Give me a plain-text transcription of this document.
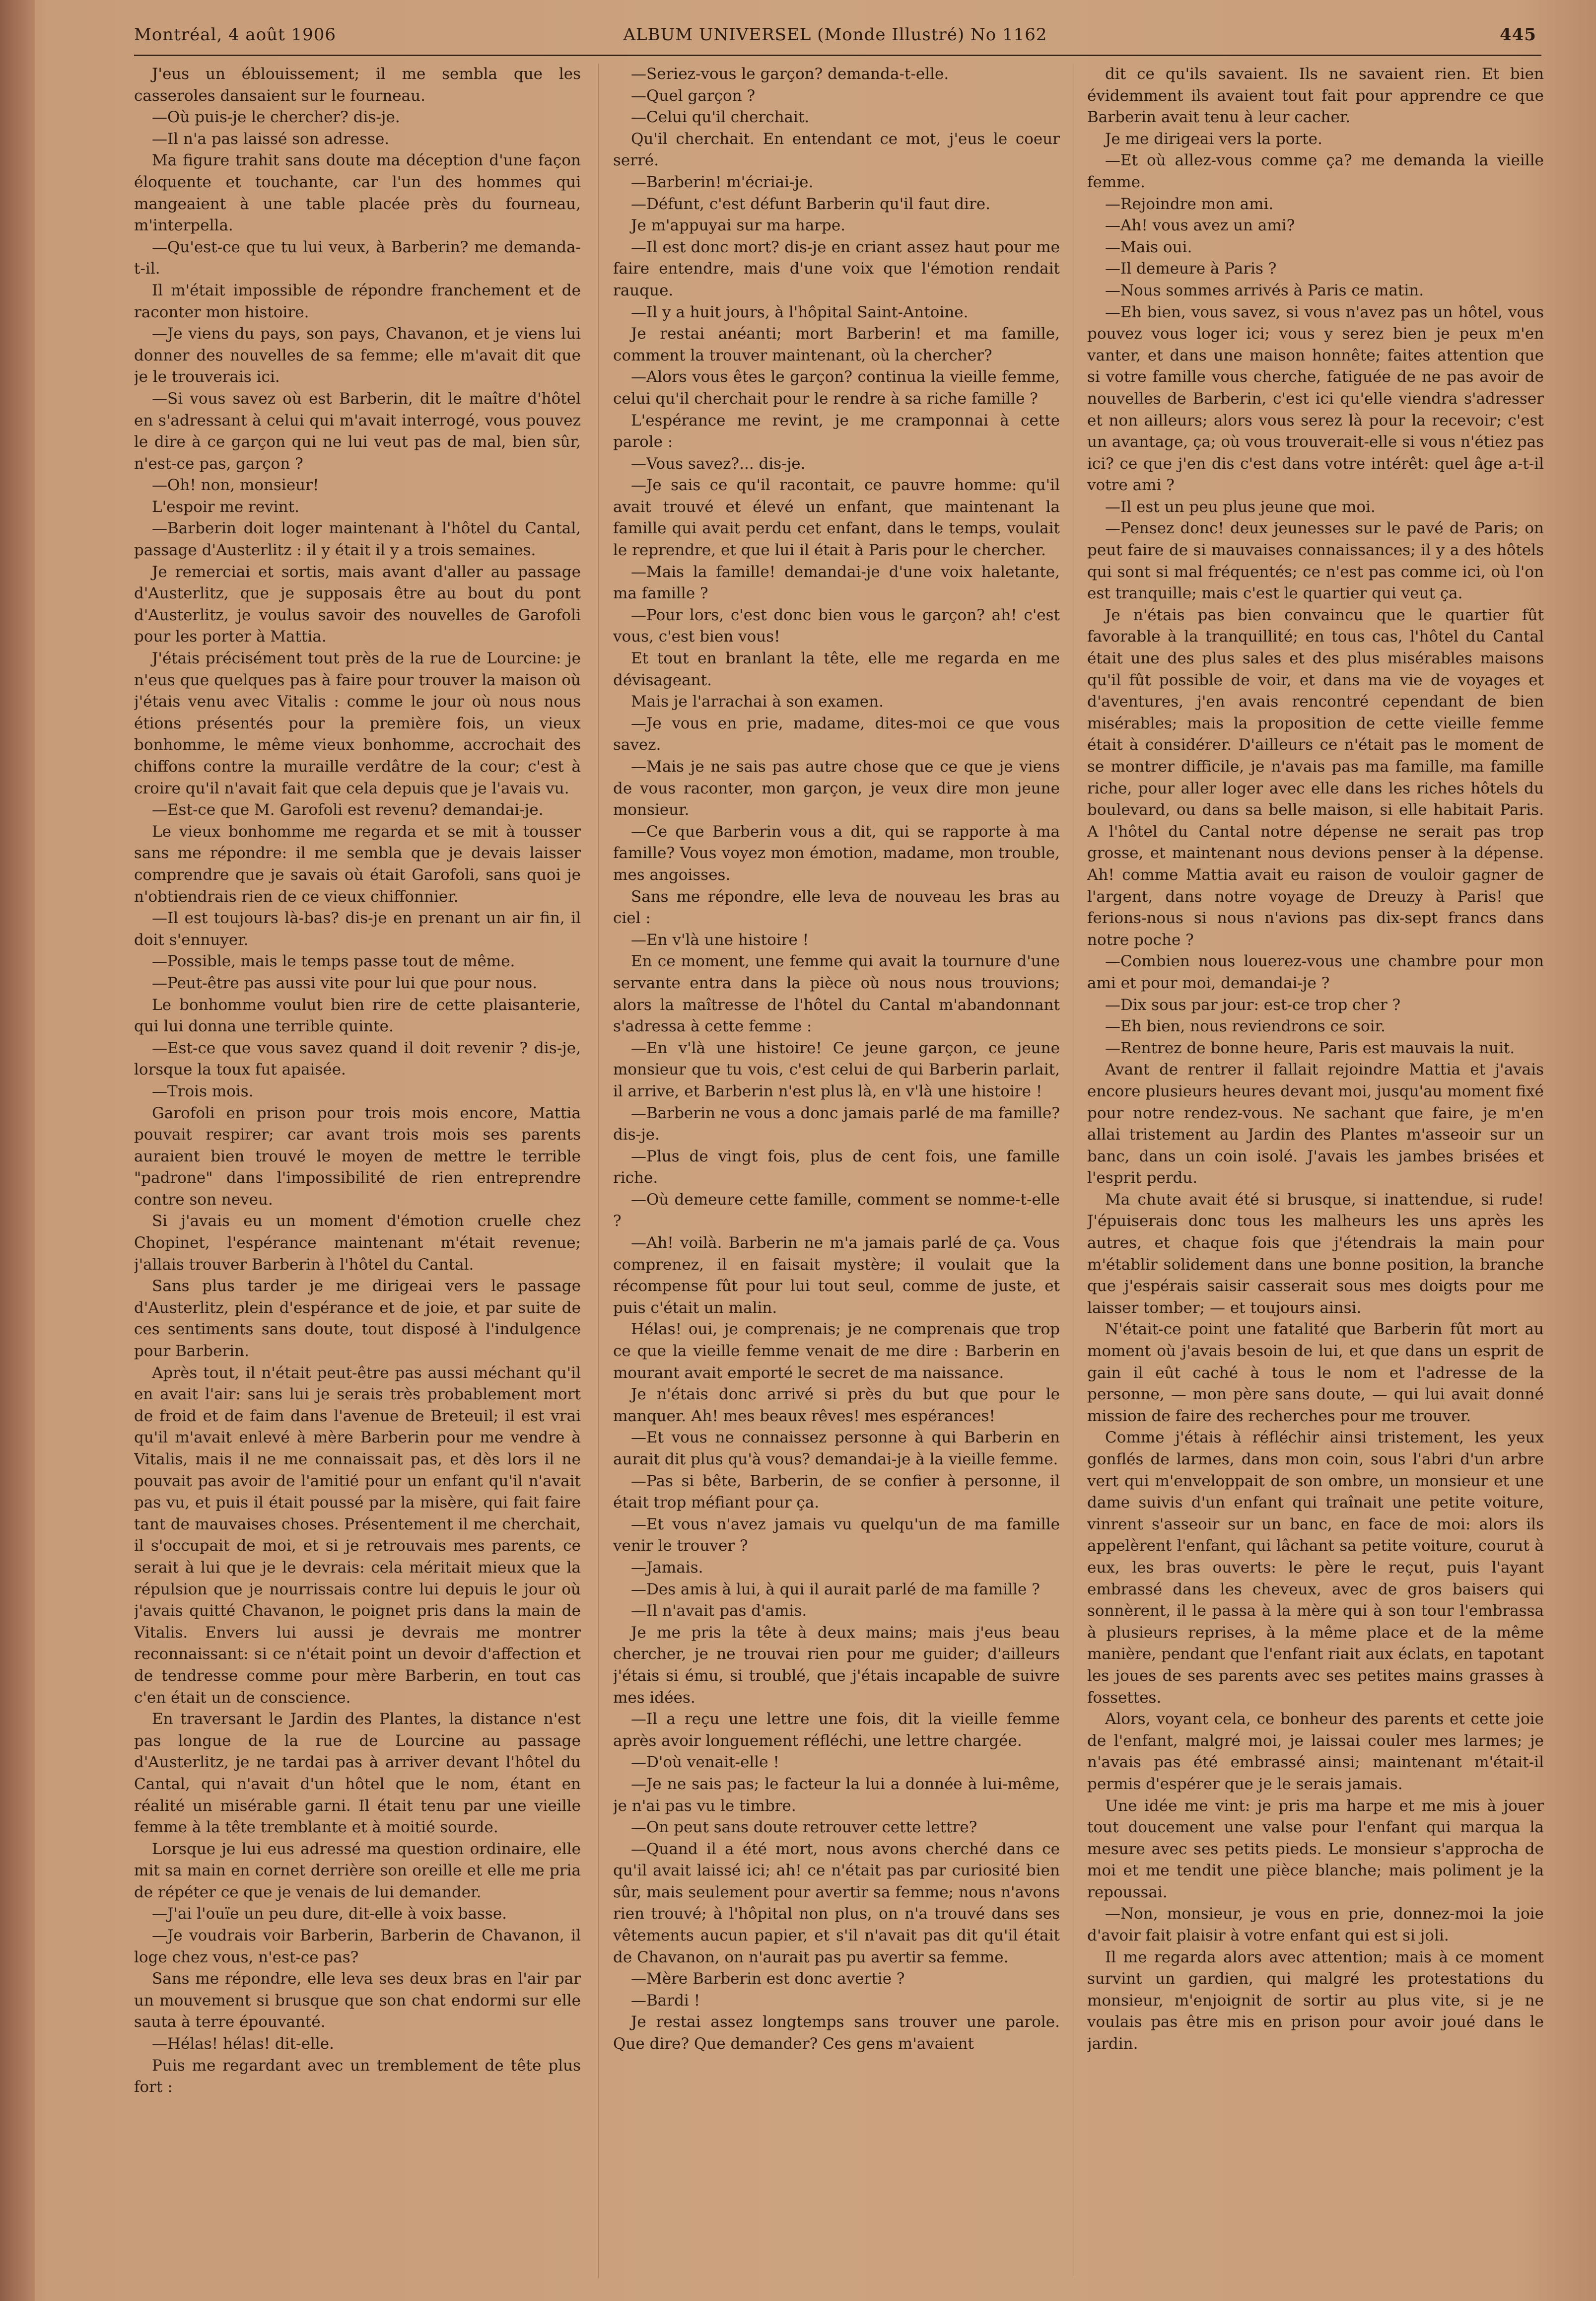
Montréal, 4 août 1906	ALBUM UNIVERSEL (Monde Illustré) No 1162	445

J'eus un éblouissement; il me sembla que les casseroles dansaient sur le fourneau.

—Où puis-je le chercher? dis-je.

—Il n'a pas laissé son adresse.

Ma figure trahit sans doute ma déception d'une façon éloquente et touchante, car l'un des hommes qui mangeaient à une table placée près du fourneau, m'interpella.

—Qu'est-ce que tu lui veux, à Barberin? me demanda-t-il.

Il m'était impossible de répondre franchement et de raconter mon histoire.

—Je viens du pays, son pays, Chavanon, et je viens lui donner des nouvelles de sa femme; elle m'avait dit que je le trouverais ici.

—Si vous savez où est Barberin, dit le maître d'hôtel en s'adressant à celui qui m'avait interrogé, vous pouvez le dire à ce garçon qui ne lui veut pas de mal, bien sûr, n'est-ce pas, garçon ?

—Oh! non, monsieur!

L'espoir me revint.

—Barberin doit loger maintenant à l'hôtel du Cantal, passage d'Austerlitz : il y était il y a trois semaines.

Je remerciai et sortis, mais avant d'aller au passage d'Austerlitz, que je supposais être au bout du pont d'Austerlitz, je voulus savoir des nouvelles de Garofoli pour les porter à Mattia.

J'étais précisément tout près de la rue de Lourcine: je n'eus que quelques pas à faire pour trouver la maison où j'étais venu avec Vitalis : comme le jour où nous nous étions présentés pour la première fois, un vieux bonhomme, le même vieux bonhomme, accrochait des chiffons contre la muraille verdâtre de la cour; c'est à croire qu'il n'avait fait que cela depuis que je l'avais vu.

—Est-ce que M. Garofoli est revenu? demandai-je.

Le vieux bonhomme me regarda et se mit à tousser sans me répondre: il me sembla que je devais laisser comprendre que je savais où était Garofoli, sans quoi je n'obtiendrais rien de ce vieux chiffonnier.

—Il est toujours là-bas? dis-je en prenant un air fin, il doit s'ennuyer.

—Possible, mais le temps passe tout de même.

—Peut-être pas aussi vite pour lui que pour nous.

Le bonhomme voulut bien rire de cette plaisanterie, qui lui donna une terrible quinte.

—Est-ce que vous savez quand il doit revenir ? dis-je, lorsque la toux fut apaisée.

—Trois mois.

Garofoli en prison pour trois mois encore, Mattia pouvait respirer; car avant trois mois ses parents auraient bien trouvé le moyen de mettre le terrible "padrone" dans l'impossibilité de rien entreprendre contre son neveu.

Si j'avais eu un moment d'émotion cruelle chez Chopinet, l'espérance maintenant m'était revenue; j'allais trouver Barberin à l'hôtel du Cantal.

Sans plus tarder je me dirigeai vers le passage d'Austerlitz, plein d'espérance et de joie, et par suite de ces sentiments sans doute, tout disposé à l'indulgence pour Barberin.

Après tout, il n'était peut-être pas aussi méchant qu'il en avait l'air: sans lui je serais très probablement mort de froid et de faim dans l'avenue de Breteuil; il est vrai qu'il m'avait enlevé à mère Barberin pour me vendre à Vitalis, mais il ne me connaissait pas, et dès lors il ne pouvait pas avoir de l'amitié pour un enfant qu'il n'avait pas vu, et puis il était poussé par la misère, qui fait faire tant de mauvaises choses. Présentement il me cherchait, il s'occupait de moi, et si je retrouvais mes parents, ce serait à lui que je le devrais: cela méritait mieux que la répulsion que je nourrissais contre lui depuis le jour où j'avais quitté Chavanon, le poignet pris dans la main de Vitalis. Envers lui aussi je devrais me montrer reconnaissant: si ce n'était point un devoir d'affection et de tendresse comme pour mère Barberin, en tout cas c'en était un de conscience.

En traversant le Jardin des Plantes, la distance n'est pas longue de la rue de Lourcine au passage d'Austerlitz, je ne tardai pas à arriver devant l'hôtel du Cantal, qui n'avait d'un hôtel que le nom, étant en réalité un misérable garni. Il était tenu par une vieille femme à la tête tremblante et à moitié sourde.

Lorsque je lui eus adressé ma question ordinaire, elle mit sa main en cornet derrière son oreille et elle me pria de répéter ce que je venais de lui demander.

—J'ai l'ouïe un peu dure, dit-elle à voix basse.

—Je voudrais voir Barberin, Barberin de Chavanon, il loge chez vous, n'est-ce pas?

Sans me répondre, elle leva ses deux bras en l'air par un mouvement si brusque que son chat endormi sur elle sauta à terre épouvanté.

—Hélas! hélas! dit-elle.

Puis me regardant avec un tremblement de tête plus fort :

—Seriez-vous le garçon? demanda-t-elle.

—Quel garçon ?

—Celui qu'il cherchait.

Qu'il cherchait. En entendant ce mot, j'eus le coeur serré.

—Barberin! m'écriai-je.

—Défunt, c'est défunt Barberin qu'il faut dire.

Je m'appuyai sur ma harpe.

—Il est donc mort? dis-je en criant assez haut pour me faire entendre, mais d'une voix que l'émotion rendait rauque.

—Il y a huit jours, à l'hôpital Saint-Antoine.

Je restai anéanti; mort Barberin! et ma famille, comment la trouver maintenant, où la chercher?

—Alors vous êtes le garçon? continua la vieille femme, celui qu'il cherchait pour le rendre à sa riche famille ?

L'espérance me revint, je me cramponnai à cette parole :

—Vous savez?... dis-je.

—Je sais ce qu'il racontait, ce pauvre homme: qu'il avait trouvé et élevé un enfant, que maintenant la famille qui avait perdu cet enfant, dans le temps, voulait le reprendre, et que lui il était à Paris pour le chercher.

—Mais la famille! demandai-je d'une voix haletante, ma famille ?

—Pour lors, c'est donc bien vous le garçon? ah! c'est vous, c'est bien vous!

Et tout en branlant la tête, elle me regarda en me dévisageant.

Mais je l'arrachai à son examen.

—Je vous en prie, madame, dites-moi ce que vous savez.

—Mais je ne sais pas autre chose que ce que je viens de vous raconter, mon garçon, je veux dire mon jeune monsieur.

—Ce que Barberin vous a dit, qui se rapporte à ma famille? Vous voyez mon émotion, madame, mon trouble, mes angoisses.

Sans me répondre, elle leva de nouveau les bras au ciel :

—En v'là une histoire !

En ce moment, une femme qui avait la tournure d'une servante entra dans la pièce où nous nous trouvions; alors la maîtresse de l'hôtel du Cantal m'abandonnant s'adressa à cette femme :

—En v'là une histoire! Ce jeune garçon, ce jeune monsieur que tu vois, c'est celui de qui Barberin parlait, il arrive, et Barberin n'est plus là, en v'là une histoire !

—Barberin ne vous a donc jamais parlé de ma famille? dis-je.

—Plus de vingt fois, plus de cent fois, une famille riche.

—Où demeure cette famille, comment se nomme-t-elle ?

—Ah! voilà. Barberin ne m'a jamais parlé de ça. Vous comprenez, il en faisait mystère; il voulait que la récompense fût pour lui tout seul, comme de juste, et puis c'était un malin.

Hélas! oui, je comprenais; je ne comprenais que trop ce que la vieille femme venait de me dire : Barberin en mourant avait emporté le secret de ma naissance.

Je n'étais donc arrivé si près du but que pour le manquer. Ah! mes beaux rêves! mes espérances!

—Et vous ne connaissez personne à qui Barberin en aurait dit plus qu'à vous? demandai-je à la vieille femme.

—Pas si bête, Barberin, de se confier à personne, il était trop méfiant pour ça.

—Et vous n'avez jamais vu quelqu'un de ma famille venir le trouver ?

—Jamais.

—Des amis à lui, à qui il aurait parlé de ma famille ?

—Il n'avait pas d'amis.

Je me pris la tête à deux mains; mais j'eus beau chercher, je ne trouvai rien pour me guider; d'ailleurs j'étais si ému, si troublé, que j'étais incapable de suivre mes idées.

—Il a reçu une lettre une fois, dit la vieille femme après avoir longuement réfléchi, une lettre chargée.

—D'où venait-elle !

—Je ne sais pas; le facteur la lui a donnée à lui-même, je n'ai pas vu le timbre.

—On peut sans doute retrouver cette lettre?

—Quand il a été mort, nous avons cherché dans ce qu'il avait laissé ici; ah! ce n'était pas par curiosité bien sûr, mais seulement pour avertir sa femme; nous n'avons rien trouvé; à l'hôpital non plus, on n'a trouvé dans ses vêtements aucun papier, et s'il n'avait pas dit qu'il était de Chavanon, on n'aurait pas pu avertir sa femme.

—Mère Barberin est donc avertie ?

—Bardi !

Je restai assez longtemps sans trouver une parole. Que dire? Que demander? Ces gens m'avaient

dit ce qu'ils savaient. Ils ne savaient rien. Et bien évidemment ils avaient tout fait pour apprendre ce que Barberin avait tenu à leur cacher.

Je me dirigeai vers la porte.

—Et où allez-vous comme ça? me demanda la vieille femme.

—Rejoindre mon ami.

—Ah! vous avez un ami?

—Mais oui.

—Il demeure à Paris ?

—Nous sommes arrivés à Paris ce matin.

—Eh bien, vous savez, si vous n'avez pas un hôtel, vous pouvez vous loger ici; vous y serez bien je peux m'en vanter, et dans une maison honnête; faites attention que si votre famille vous cherche, fatiguée de ne pas avoir de nouvelles de Barberin, c'est ici qu'elle viendra s'adresser et non ailleurs; alors vous serez là pour la recevoir; c'est un avantage, ça; où vous trouverait-elle si vous n'étiez pas ici? ce que j'en dis c'est dans votre intérêt: quel âge a-t-il votre ami ?

—Il est un peu plus jeune que moi.

—Pensez donc! deux jeunesses sur le pavé de Paris; on peut faire de si mauvaises connaissances; il y a des hôtels qui sont si mal fréquentés; ce n'est pas comme ici, où l'on est tranquille; mais c'est le quartier qui veut ça.

Je n'étais pas bien convaincu que le quartier fût favorable à la tranquillité; en tous cas, l'hôtel du Cantal était une des plus sales et des plus misérables maisons qu'il fût possible de voir, et dans ma vie de voyages et d'aventures, j'en avais rencontré cependant de bien misérables; mais la proposition de cette vieille femme était à considérer. D'ailleurs ce n'était pas le moment de se montrer difficile, je n'avais pas ma famille, ma famille riche, pour aller loger avec elle dans les riches hôtels du boulevard, ou dans sa belle maison, si elle habitait Paris. A l'hôtel du Cantal notre dépense ne serait pas trop grosse, et maintenant nous devions penser à la dépense. Ah! comme Mattia avait eu raison de vouloir gagner de l'argent, dans notre voyage de Dreuzy à Paris! que ferions-nous si nous n'avions pas dix-sept francs dans notre poche ?

—Combien nous louerez-vous une chambre pour mon ami et pour moi, demandai-je ?

—Dix sous par jour: est-ce trop cher ?

—Eh bien, nous reviendrons ce soir.

—Rentrez de bonne heure, Paris est mauvais la nuit.

Avant de rentrer il fallait rejoindre Mattia et j'avais encore plusieurs heures devant moi, jusqu'au moment fixé pour notre rendez-vous. Ne sachant que faire, je m'en allai tristement au Jardin des Plantes m'asseoir sur un banc, dans un coin isolé. J'avais les jambes brisées et l'esprit perdu.

Ma chute avait été si brusque, si inattendue, si rude! J'épuiserais donc tous les malheurs les uns après les autres, et chaque fois que j'étendrais la main pour m'établir solidement dans une bonne position, la branche que j'espérais saisir casserait sous mes doigts pour me laisser tomber; — et toujours ainsi.

N'était-ce point une fatalité que Barberin fût mort au moment où j'avais besoin de lui, et que dans un esprit de gain il eût caché à tous le nom et l'adresse de la personne, — mon père sans doute, — qui lui avait donné mission de faire des recherches pour me trouver.

Comme j'étais à réfléchir ainsi tristement, les yeux gonflés de larmes, dans mon coin, sous l'abri d'un arbre vert qui m'enveloppait de son ombre, un monsieur et une dame suivis d'un enfant qui traînait une petite voiture, vinrent s'asseoir sur un banc, en face de moi: alors ils appelèrent l'enfant, qui lâchant sa petite voiture, courut à eux, les bras ouverts: le père le reçut, puis l'ayant embrassé dans les cheveux, avec de gros baisers qui sonnèrent, il le passa à la mère qui à son tour l'embrassa à plusieurs reprises, à la même place et de la même manière, pendant que l'enfant riait aux éclats, en tapotant les joues de ses parents avec ses petites mains grasses à fossettes.

Alors, voyant cela, ce bonheur des parents et cette joie de l'enfant, malgré moi, je laissai couler mes larmes; je n'avais pas été embrassé ainsi; maintenant m'était-il permis d'espérer que je le serais jamais.

Une idée me vint: je pris ma harpe et me mis à jouer tout doucement une valse pour l'enfant qui marqua la mesure avec ses petits pieds. Le monsieur s'approcha de moi et me tendit une pièce blanche; mais poliment je la repoussai.

—Non, monsieur, je vous en prie, donnez-moi la joie d'avoir fait plaisir à votre enfant qui est si joli.

Il me regarda alors avec attention; mais à ce moment survint un gardien, qui malgré les protestations du monsieur, m'enjoignit de sortir au plus vite, si je ne voulais pas être mis en prison pour avoir joué dans le jardin.
